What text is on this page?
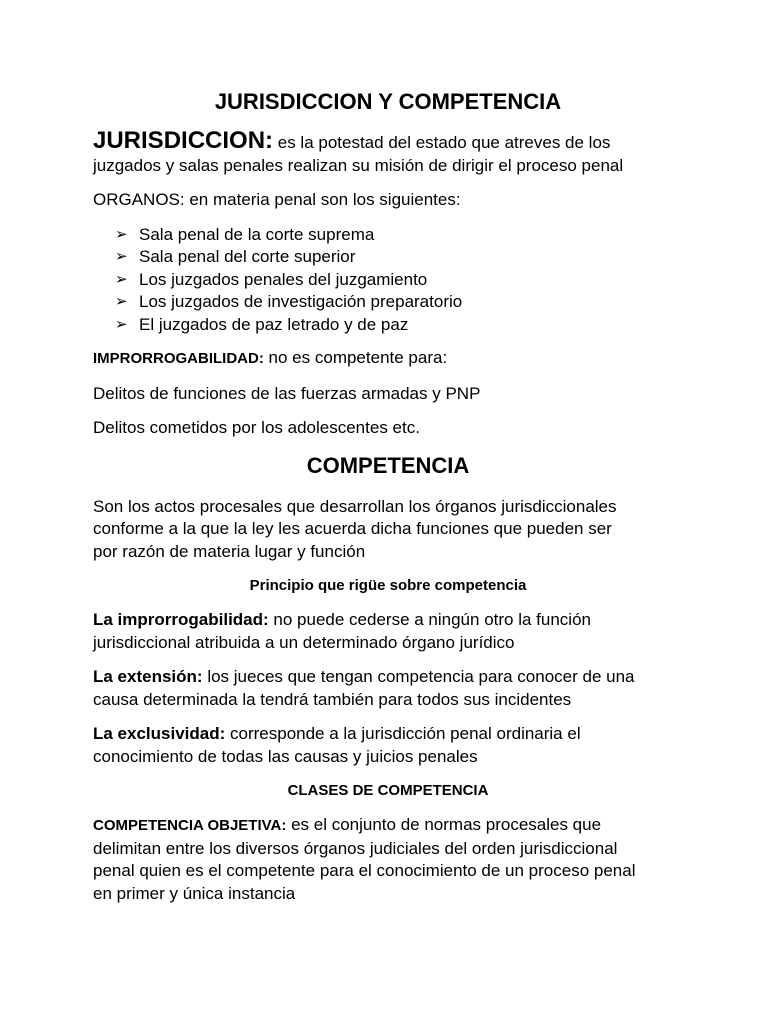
JURISDICCION Y COMPETENCIA
JURISDICCION: es la potestad del estado que atreves de los
juzgados y salas penales realizan su misión de dirigir el proceso penal
ORGANOS: en materia penal son los siguientes:
➢ Sala penal de la corte suprema
➢ Sala penal del corte superior
➢ Los juzgados penales del juzgamiento
➢ Los juzgados de investigación preparatorio
➢ El juzgados de paz letrado y de paz
IMPRORROGABILIDAD: no es competente para:
Delitos de funciones de las fuerzas armadas y PNP
Delitos cometidos por los adolescentes etc.
COMPETENCIA
Son los actos procesales que desarrollan los órganos jurisdiccionales
conforme a la que la ley les acuerda dicha funciones que pueden ser
por razón de materia lugar y función
Principio que rigüe sobre competencia
La improrrogabilidad: no puede cederse a ningún otro la función
jurisdiccional atribuida a un determinado órgano jurídico
La extensión: los jueces que tengan competencia para conocer de una
causa determinada la tendrá también para todos sus incidentes
La exclusividad: corresponde a la jurisdicción penal ordinaria el
conocimiento de todas las causas y juicios penales
CLASES DE COMPETENCIA
COMPETENCIA OBJETIVA: es el conjunto de normas procesales que
delimitan entre los diversos órganos judiciales del orden jurisdiccional
penal quien es el competente para el conocimiento de un proceso penal
en primer y única instancia
